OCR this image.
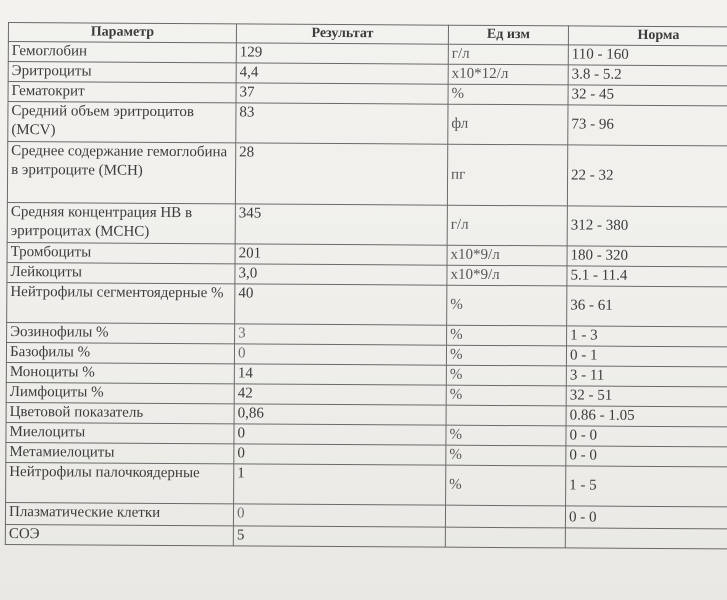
Параметр	Результат	Ед изм	Норма
Гемоглобин	129	г/л	110 - 160
Эритроциты	4,4	x10*12/л	3.8 - 5.2
Гематокрит	37	%	32 - 45
Средний объем эритроцитов (MCV)	83	фл	73 - 96
Среднее содержание гемоглобина в эритроците (MCH)	28	пг	22 - 32
Средняя концентрация НВ в эритроцитах (MCHC)	345	г/л	312 - 380
Тромбоциты	201	x10*9/л	180 - 320
Лейкоциты	3,0	x10*9/л	5.1 - 11.4
Нейтрофилы сегментоядерные %	40	%	36 - 61
Эозинофилы %	3	%	1 - 3
Базофилы %	0	%	0 - 1
Моноциты %	14	%	3 - 11
Лимфоциты %	42	%	32 - 51
Цветовой показатель	0,86		0.86 - 1.05
Миелоциты	0	%	0 - 0
Метамиелоциты	0	%	0 - 0
Нейтрофилы палочкоядерные	1	%	1 - 5
Плазматические клетки	0		0 - 0
СОЭ	5		
